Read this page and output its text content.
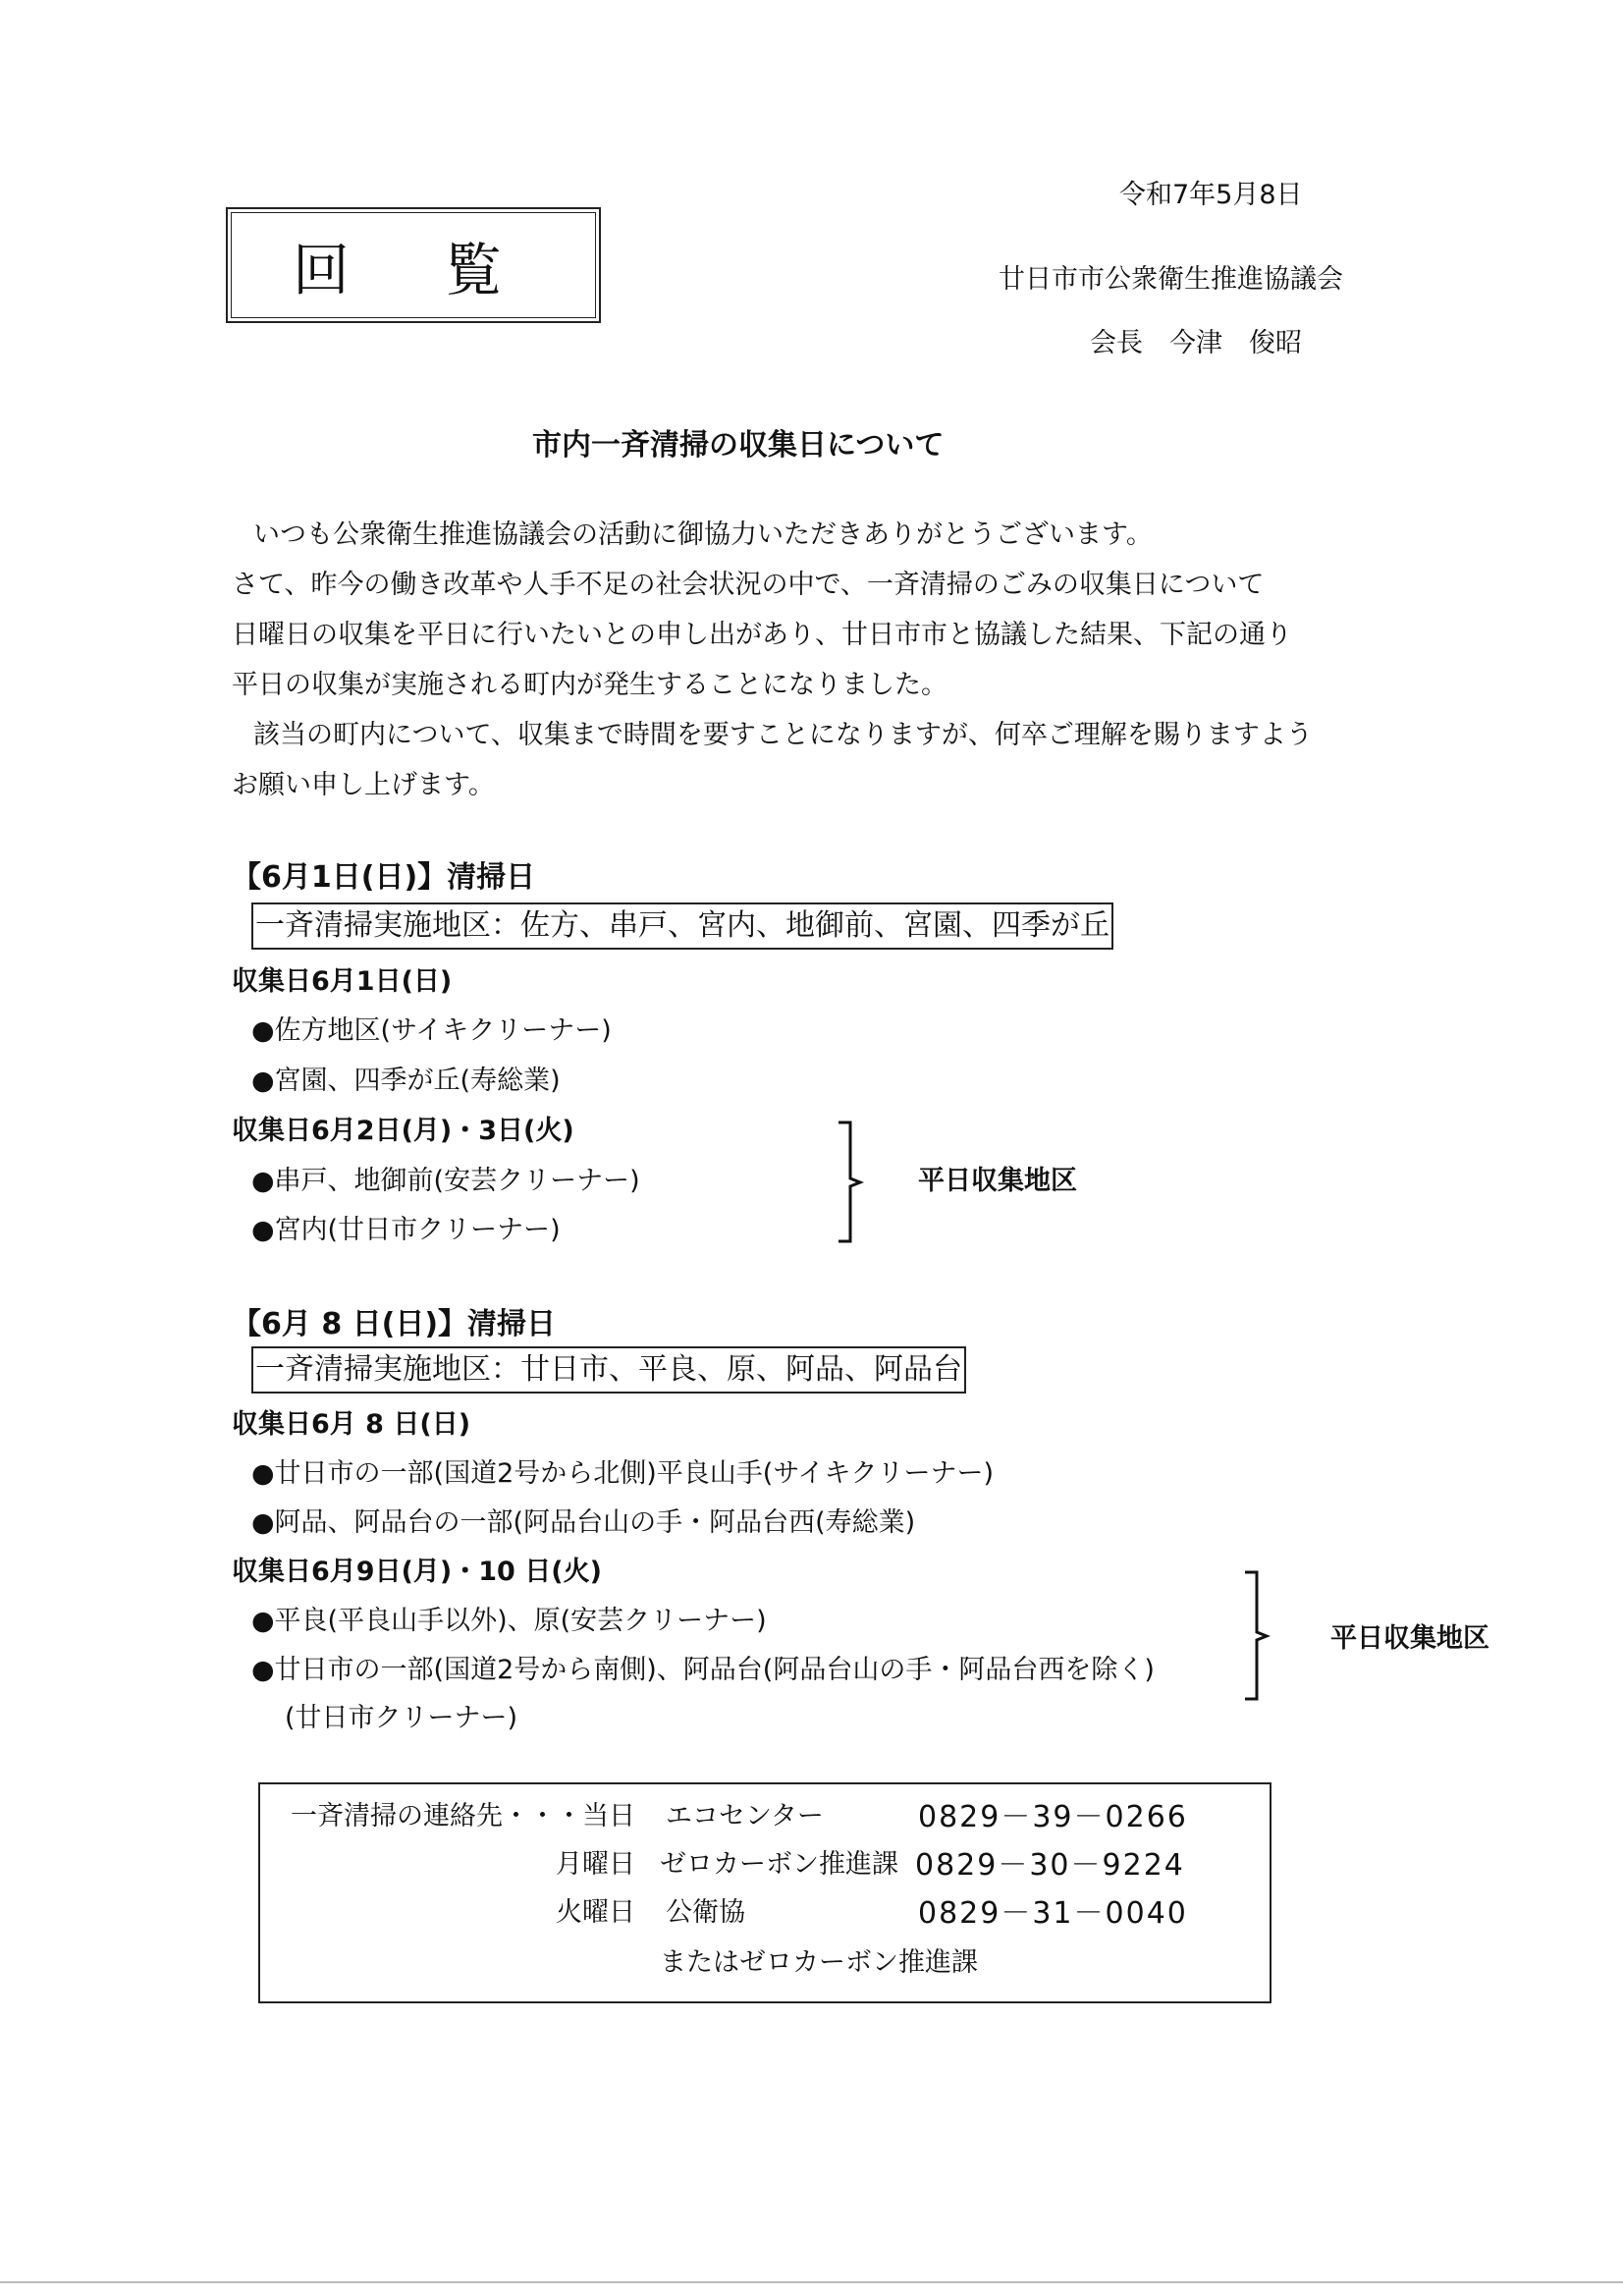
令和7年5月8日
回 覧	廿日市市公衆衛生推進協議会
会長　今津　俊昭
市内一斉清掃の収集日について
いつも公衆衛生推進協議会の活動に御協力いただきありがとうございます。
さて、昨今の働き改革や人手不足の社会状況の中で、一斉清掃のごみの収集日について
日曜日の収集を平日に行いたいとの申し出があり、廿日市市と協議した結果、下記の通り
平日の収集が実施される町内が発生することになりました。
該当の町内について、収集まで時間を要すことになりますが、何卒ご理解を賜りますよう
お願い申し上げます。
【6月1日(日)】清掃日
一斉清掃実施地区：佐方、串戸、宮内、地御前、宮園、四季が丘
収集日6月1日(日)
●佐方地区(サイキクリーナー)
●宮園、四季が丘(寿総業)
収集日6月2日(月)・3日(火)
●串戸、地御前(安芸クリーナー)
●宮内(廿日市クリーナー)
平日収集地区
【6月 8 日(日)】清掃日
一斉清掃実施地区：廿日市、平良、原、阿品、阿品台
収集日6月 8 日(日)
●廿日市の一部(国道2号から北側)平良山手(サイキクリーナー)
●阿品、阿品台の一部(阿品台山の手・阿品台西(寿総業)
収集日6月9日(月)・10 日(火)
●平良(平良山手以外)、原(安芸クリーナー)
●廿日市の一部(国道2号から南側)、阿品台(阿品台山の手・阿品台西を除く)
(廿日市クリーナー)
平日収集地区
一斉清掃の連絡先・・・当日 エコセンター	0829－39－0266
月曜日 ゼロカーボン推進課 0829－30－9224
火曜日 公衛協	0829－31－0040
またはゼロカーボン推進課
